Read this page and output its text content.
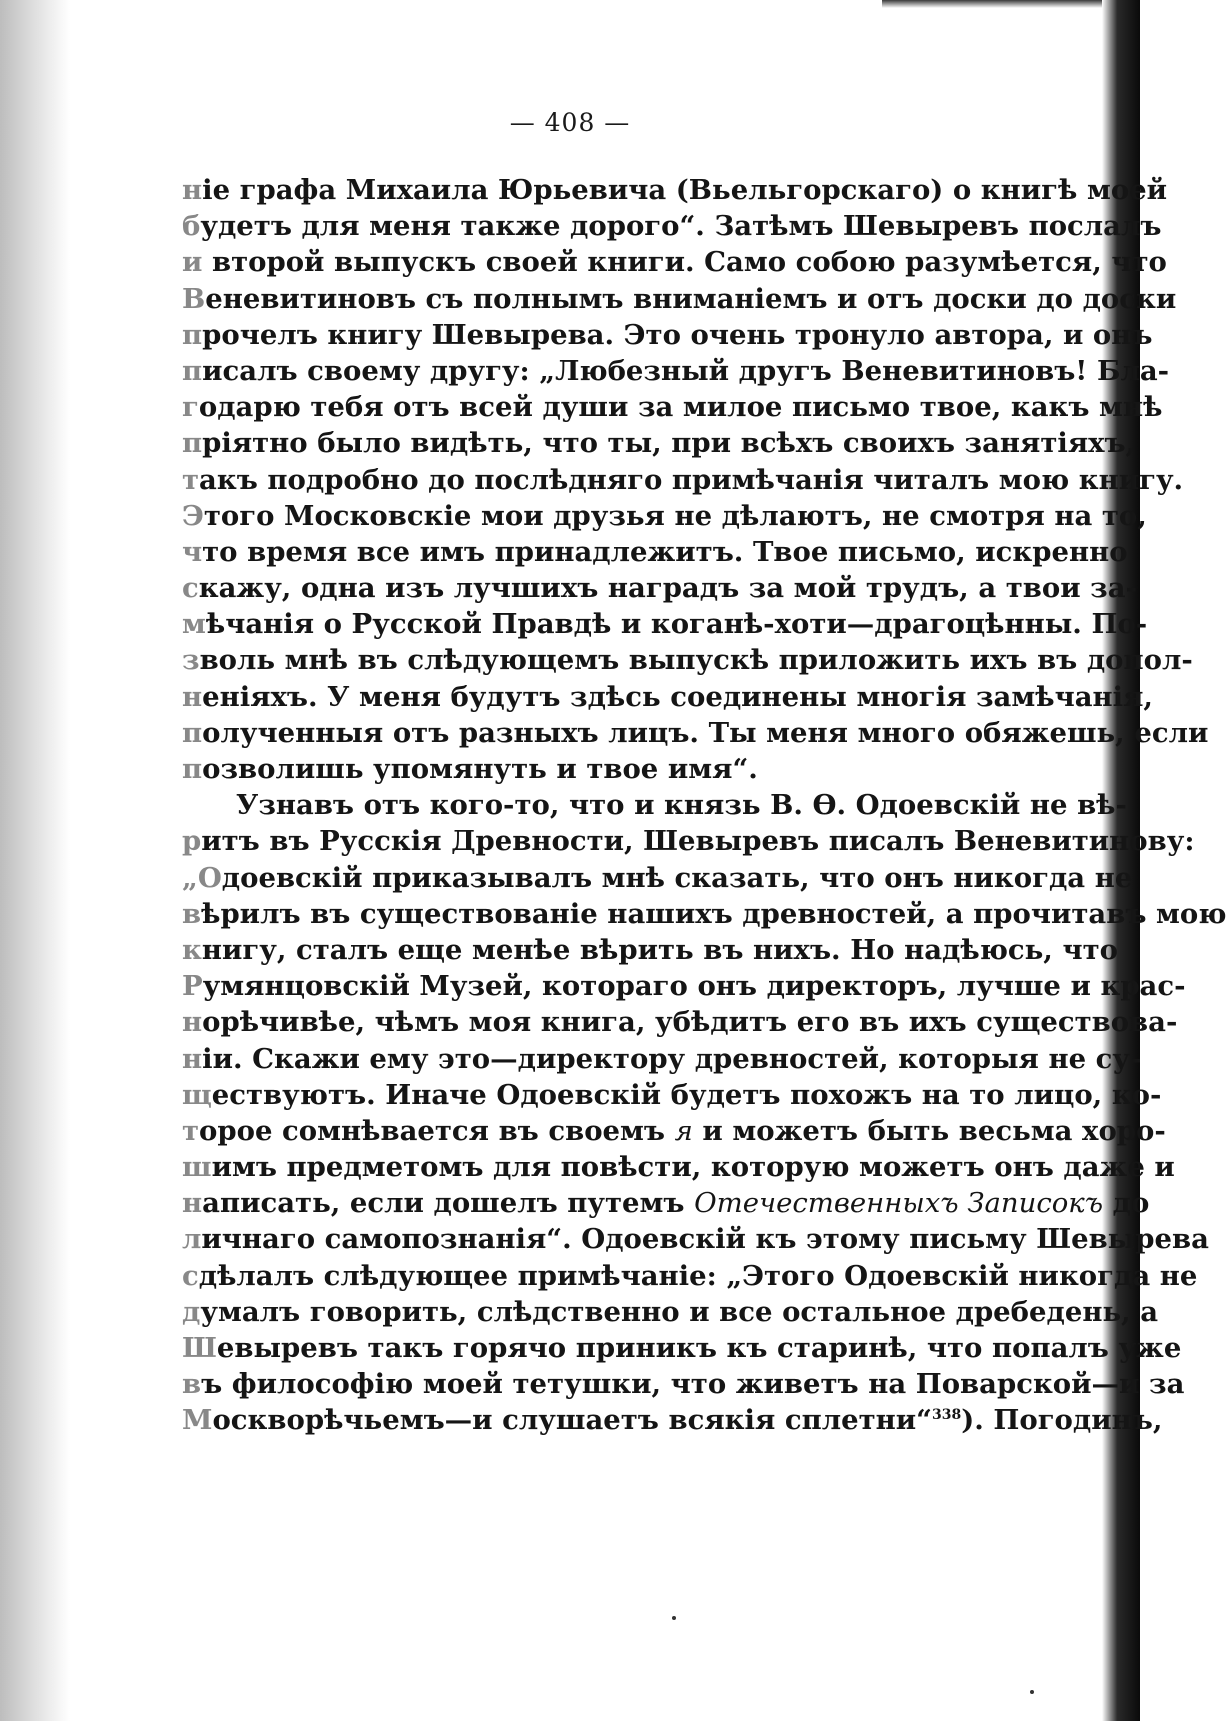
— 408 —
ніе графа Михаила Юрьевича (Вьельгорскаго) о книгѣ моей
будетъ для меня также дорого“. Затѣмъ Шевыревъ послалъ
и второй выпускъ своей книги. Само собою разумѣется, что
Веневитиновъ съ полнымъ вниманіемъ и отъ доски до доски
прочелъ книгу Шевырева. Это очень тронуло автора, и онъ
писалъ своему другу: „Любезный другъ Веневитиновъ! Бла-
годарю тебя отъ всей души за милое письмо твое, какъ мнѣ
пріятно было видѣть, что ты, при всѣхъ своихъ занятіяхъ,
такъ подробно до послѣдняго примѣчанія читалъ мою книгу.
Этого Московскіе мои друзья не дѣлаютъ, не смотря на то,
что время все имъ принадлежитъ. Твое письмо, искренно
скажу, одна изъ лучшихъ наградъ за мой трудъ, а твои за-
мѣчанія о Русской Правдѣ и коганѣ-хоти—драгоцѣнны. По-
зволь мнѣ въ слѣдующемъ выпускѣ приложить ихъ въ допол-
неніяхъ. У меня будутъ здѣсь соединены многія замѣчанія,
полученныя отъ разныхъ лицъ. Ты меня много обяжешь, если
позволишь упомянуть и твое имя“.
Узнавъ отъ кого-то, что и князь В. Ѳ. Одоевскій не вѣ-
ритъ въ Русскія Древности, Шевыревъ писалъ Веневитинову:
„Одоевскій приказывалъ мнѣ сказать, что онъ никогда не
вѣрилъ въ существованіе нашихъ древностей, а прочитавъ мою
книгу, сталъ еще менѣе вѣрить въ нихъ. Но надѣюсь, что
Румянцовскій Музей, котораго онъ директоръ, лучше и крас-
норѣчивѣе, чѣмъ моя книга, убѣдитъ его въ ихъ существова-
ніи. Скажи ему это—директору древностей, которыя не су-
ществуютъ. Иначе Одоевскій будетъ похожъ на то лицо, ко-
торое сомнѣвается въ своемъ я и можетъ быть весьма хоро-
шимъ предметомъ для повѣсти, которую можетъ онъ даже и
написать, если дошелъ путемъ Отечественныхъ Записокъ до
личнаго самопознанія“. Одоевскій къ этому письму Шевырева
сдѣлалъ слѣдующее примѣчаніе: „Этого Одоевскій никогда не
думалъ говорить, слѣдственно и все остальное дребедень, а
Шевыревъ такъ горячо приникъ къ старинѣ, что попалъ уже
въ философію моей тетушки, что живетъ на Поварской—и за
Москворѣчьемъ—и слушаетъ всякія сплетни“$^{338}$). Погодинъ,
